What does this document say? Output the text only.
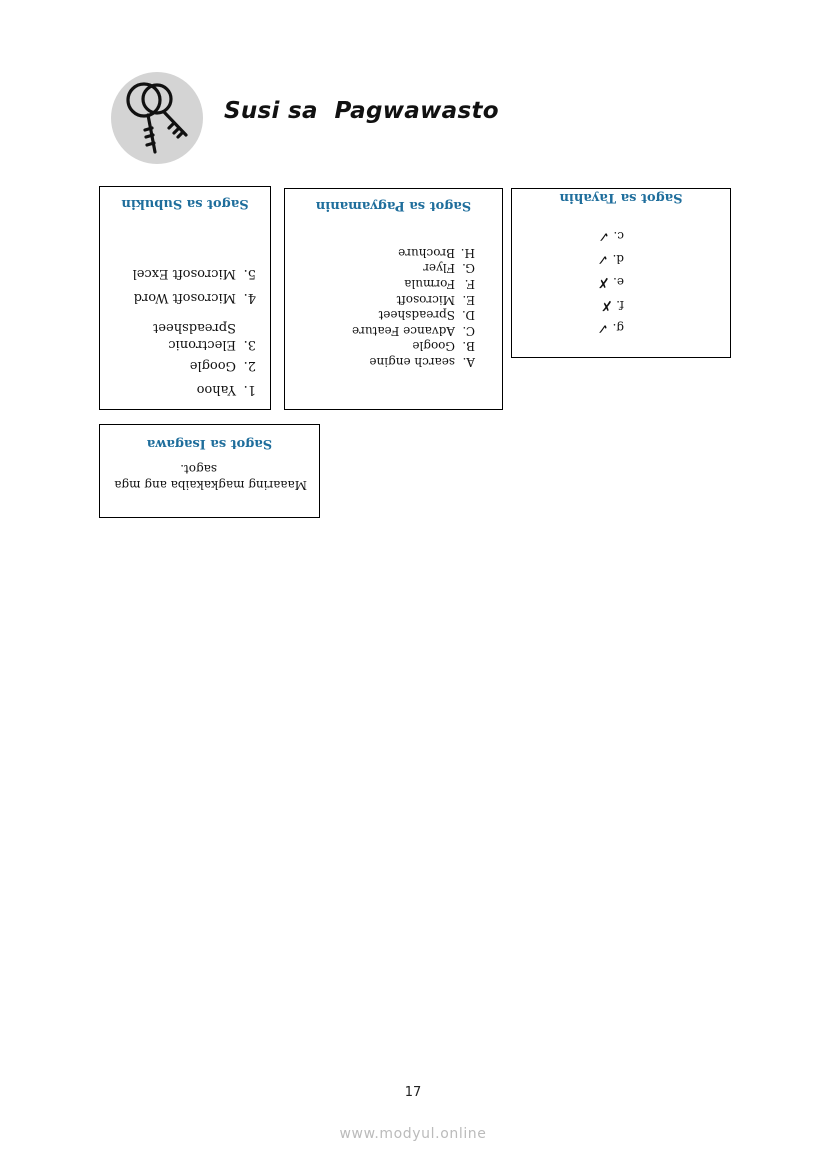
Susi sa  Pagwawasto
Sagot sa Tayahin
c. ✓
d. ✓
e. ✗
f. ✗
g. ✓
Sagot sa Pagyamanin
A.search engine
B.Google
C.Advance Feature
D.Spreadsheet
E.Microsoft
F.Formula
G.Flyer
H.Brochure
Sagot sa Subukin
1.Yahoo
2.Google
3.Electronic
Spreadsheet
4.Microsoft Word
5.Microsoft Excel
Sagot sa Isagawa
Maaaring magkakaiba ang mga
sagot.
17
www.modyul.online
